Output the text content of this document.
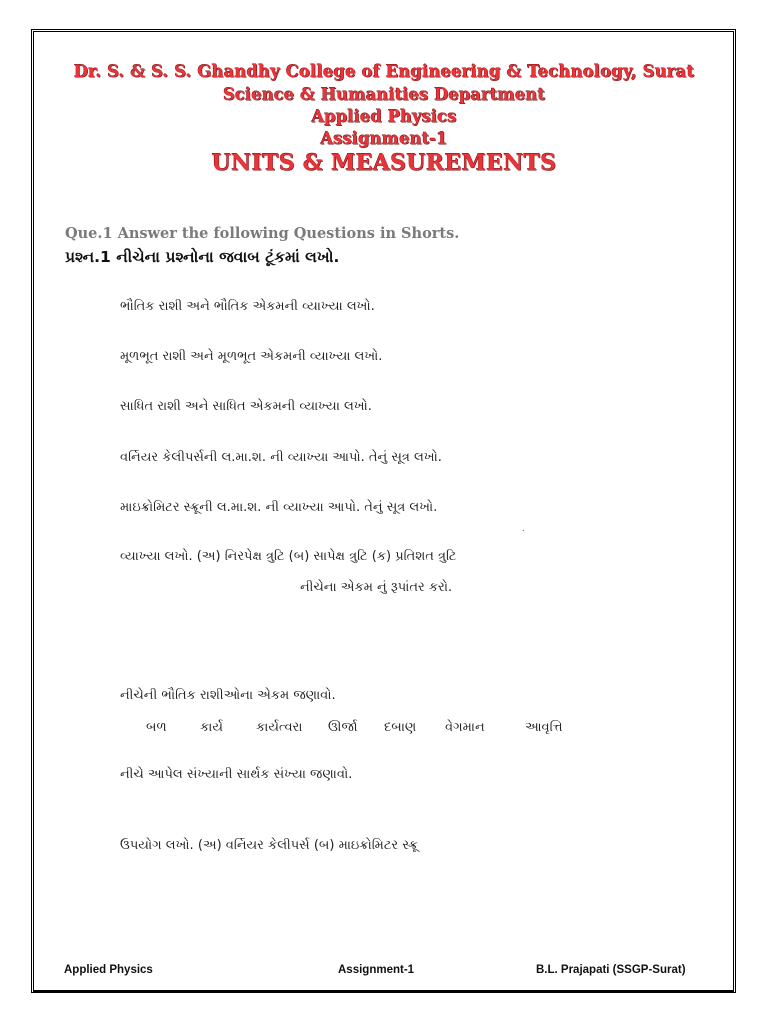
Dr. S. & S. S. Ghandhy College of Engineering & Technology, Surat
Science & Humanities Department
Applied Physics
Assignment-1
UNITS & MEASUREMENTS
Que.1 Answer the following Questions in Shorts.
પ્રશ્ન.1 નીચેના પ્રશ્નોના જવાબ ટૂંકમાં લખો.
ભૌતિક રાશી અને ભૌતિક એકમની વ્યાખ્યા લખો.
મૂળભૂત રાશી અને મૂળભૂત એકમની વ્યાખ્યા લખો.
સાધિત રાશી અને સાધિત એકમની વ્યાખ્યા લખો.
વર્નિયર કેલીપર્સની લ.મા.શ. ની વ્યાખ્યા આપો. તેનું સૂત્ર લખો.
માઇક્રોમિટર સ્ક્રૂની લ.મા.શ. ની વ્યાખ્યા આપો. તેનું સૂત્ર લખો.
.
વ્યાખ્યા લખો. (અ) નિરપેક્ષ ત્રુટિ (બ) સાપેક્ષ ત્રુટિ (ક) પ્રતિશત ત્રુટિ
નીચેના એકમ નું રૂપાંતર કરો.
નીચેની ભૌતિક રાશીઓના એકમ જણાવો.
બળ	કાર્ય	કાર્યત્વરા ઊર્જા દબાણ વેગમાન	આવૃત્તિ
નીચે આપેલ સંખ્યાની સાર્થક સંખ્યા જણાવો.
ઉપયોગ લખો. (અ) વર્નિયર કેલીપર્સ (બ) માઇક્રોમિટર સ્ક્રૂ
Applied Physics	Assignment-1	B.L. Prajapati (SSGP-Surat)
